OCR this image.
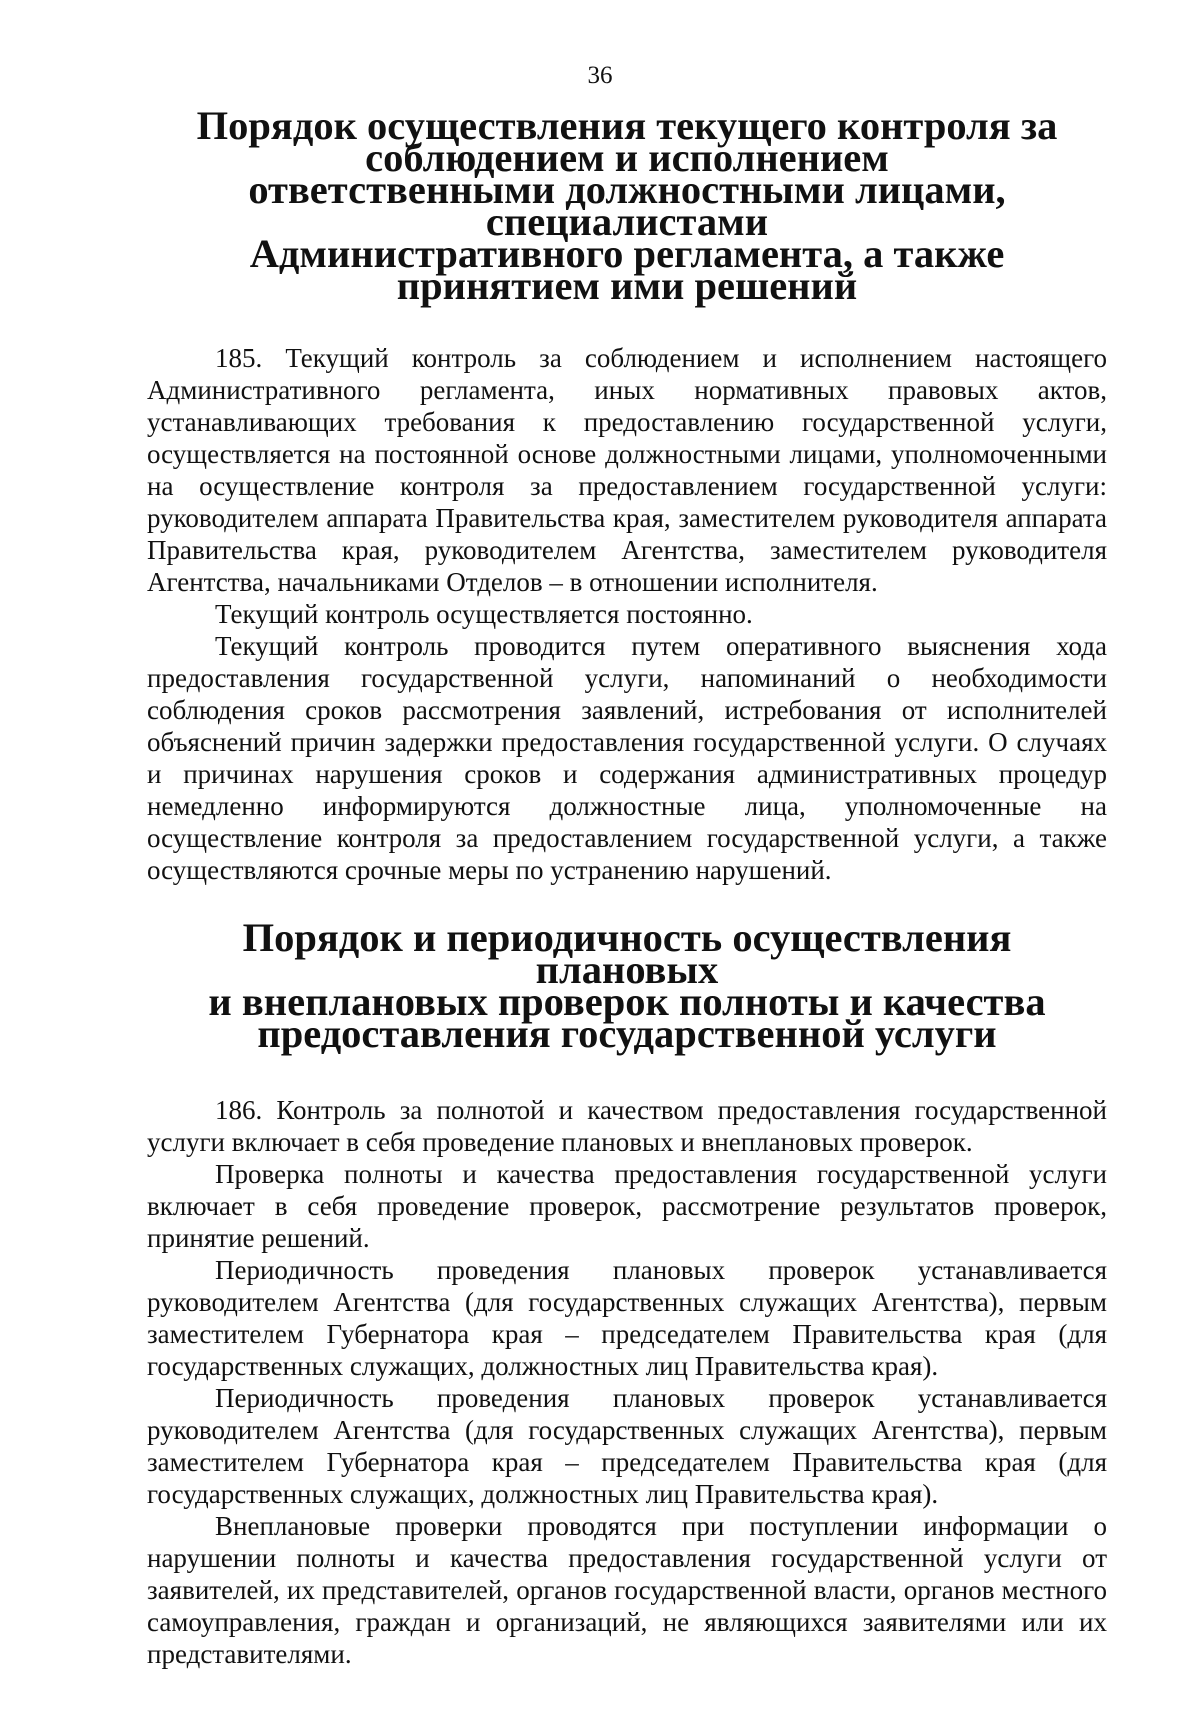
36
Порядок осуществления текущего контроля за соблюдением и исполнением
ответственными должностными лицами, специалистами
Административного регламента, а также принятием ими решений

185. Текущий контроль за соблюдением и исполнением настоящего Административного регламента, иных нормативных правовых актов, устанавливающих требования к предоставлению государственной услуги, осуществляется на постоянной основе должностными лицами, уполномоченными на осуществление контроля за предоставлением государственной услуги: руководителем аппарата Правительства края, заместителем руководителя аппарата Правительства края, руководителем Агентства, заместителем руководителя Агентства, начальниками Отделов – в отношении исполнителя.

Текущий контроль осуществляется постоянно.

Текущий контроль проводится путем оперативного выяснения хода предоставления государственной услуги, напоминаний о необходимости соблюдения сроков рассмотрения заявлений, истребования от исполнителей объяснений причин задержки предоставления государственной услуги. О случаях и причинах нарушения сроков и содержания административных процедур немедленно информируются должностные лица, уполномоченные на осуществление контроля за предоставлением государственной услуги, а также осуществляются срочные меры по устранению нарушений.

Порядок и периодичность осуществления плановых
и внеплановых проверок полноты и качества
предоставления государственной услуги

186. Контроль за полнотой и качеством предоставления государственной услуги включает в себя проведение плановых и внеплановых проверок.

Проверка полноты и качества предоставления государственной услуги включает в себя проведение проверок, рассмотрение результатов проверок, принятие решений.

Периодичность проведения плановых проверок устанавливается руководителем Агентства (для государственных служащих Агентства), первым заместителем Губернатора края – председателем Правительства края (для государственных служащих, должностных лиц Правительства края).

Периодичность проведения плановых проверок устанавливается руководителем Агентства (для государственных служащих Агентства), первым заместителем Губернатора края – председателем Правительства края (для государственных служащих, должностных лиц Правительства края).

Внеплановые проверки проводятся при поступлении информации о нарушении полноты и качества предоставления государственной услуги от заявителей, их представителей, органов государственной власти, органов местного самоуправления, граждан и организаций, не являющихся заявителями или их представителями.
